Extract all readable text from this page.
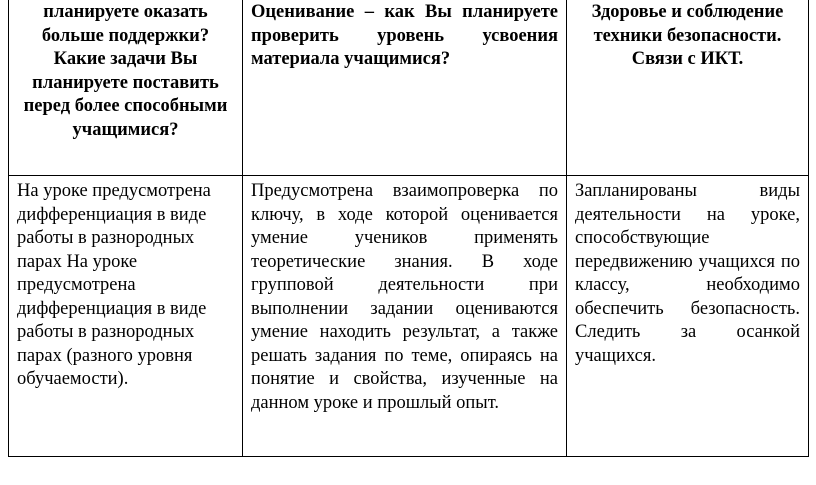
планируете оказать больше поддержки? Какие задачи Вы планируете поставить перед более способными учащимися?	Оценивание – как Вы планируете проверить уровень усвоения материала учащимися?	Здоровье и соблюдение техники безопасности. Связи с ИКТ.
На уроке предусмотрена дифференциация в виде работы в разнородных парах На уроке предусмотрена дифференциация в виде работы в разнородных парах (разного уровня обучаемости).	Предусмотрена взаимопроверка по ключу, в ходе которой оценивается умение учеников применять теоретические знания. В ходе групповой деятельности при выполнении задании оцениваются умение находить результат, а также решать задания по теме, опираясь на понятие и свойства, изученные на данном уроке и прошлый опыт.	Запланированы виды деятельности на уроке, способствующие передвижению учащихся по классу, необходимо обеспечить безопасность. Следить за осанкой учащихся.
